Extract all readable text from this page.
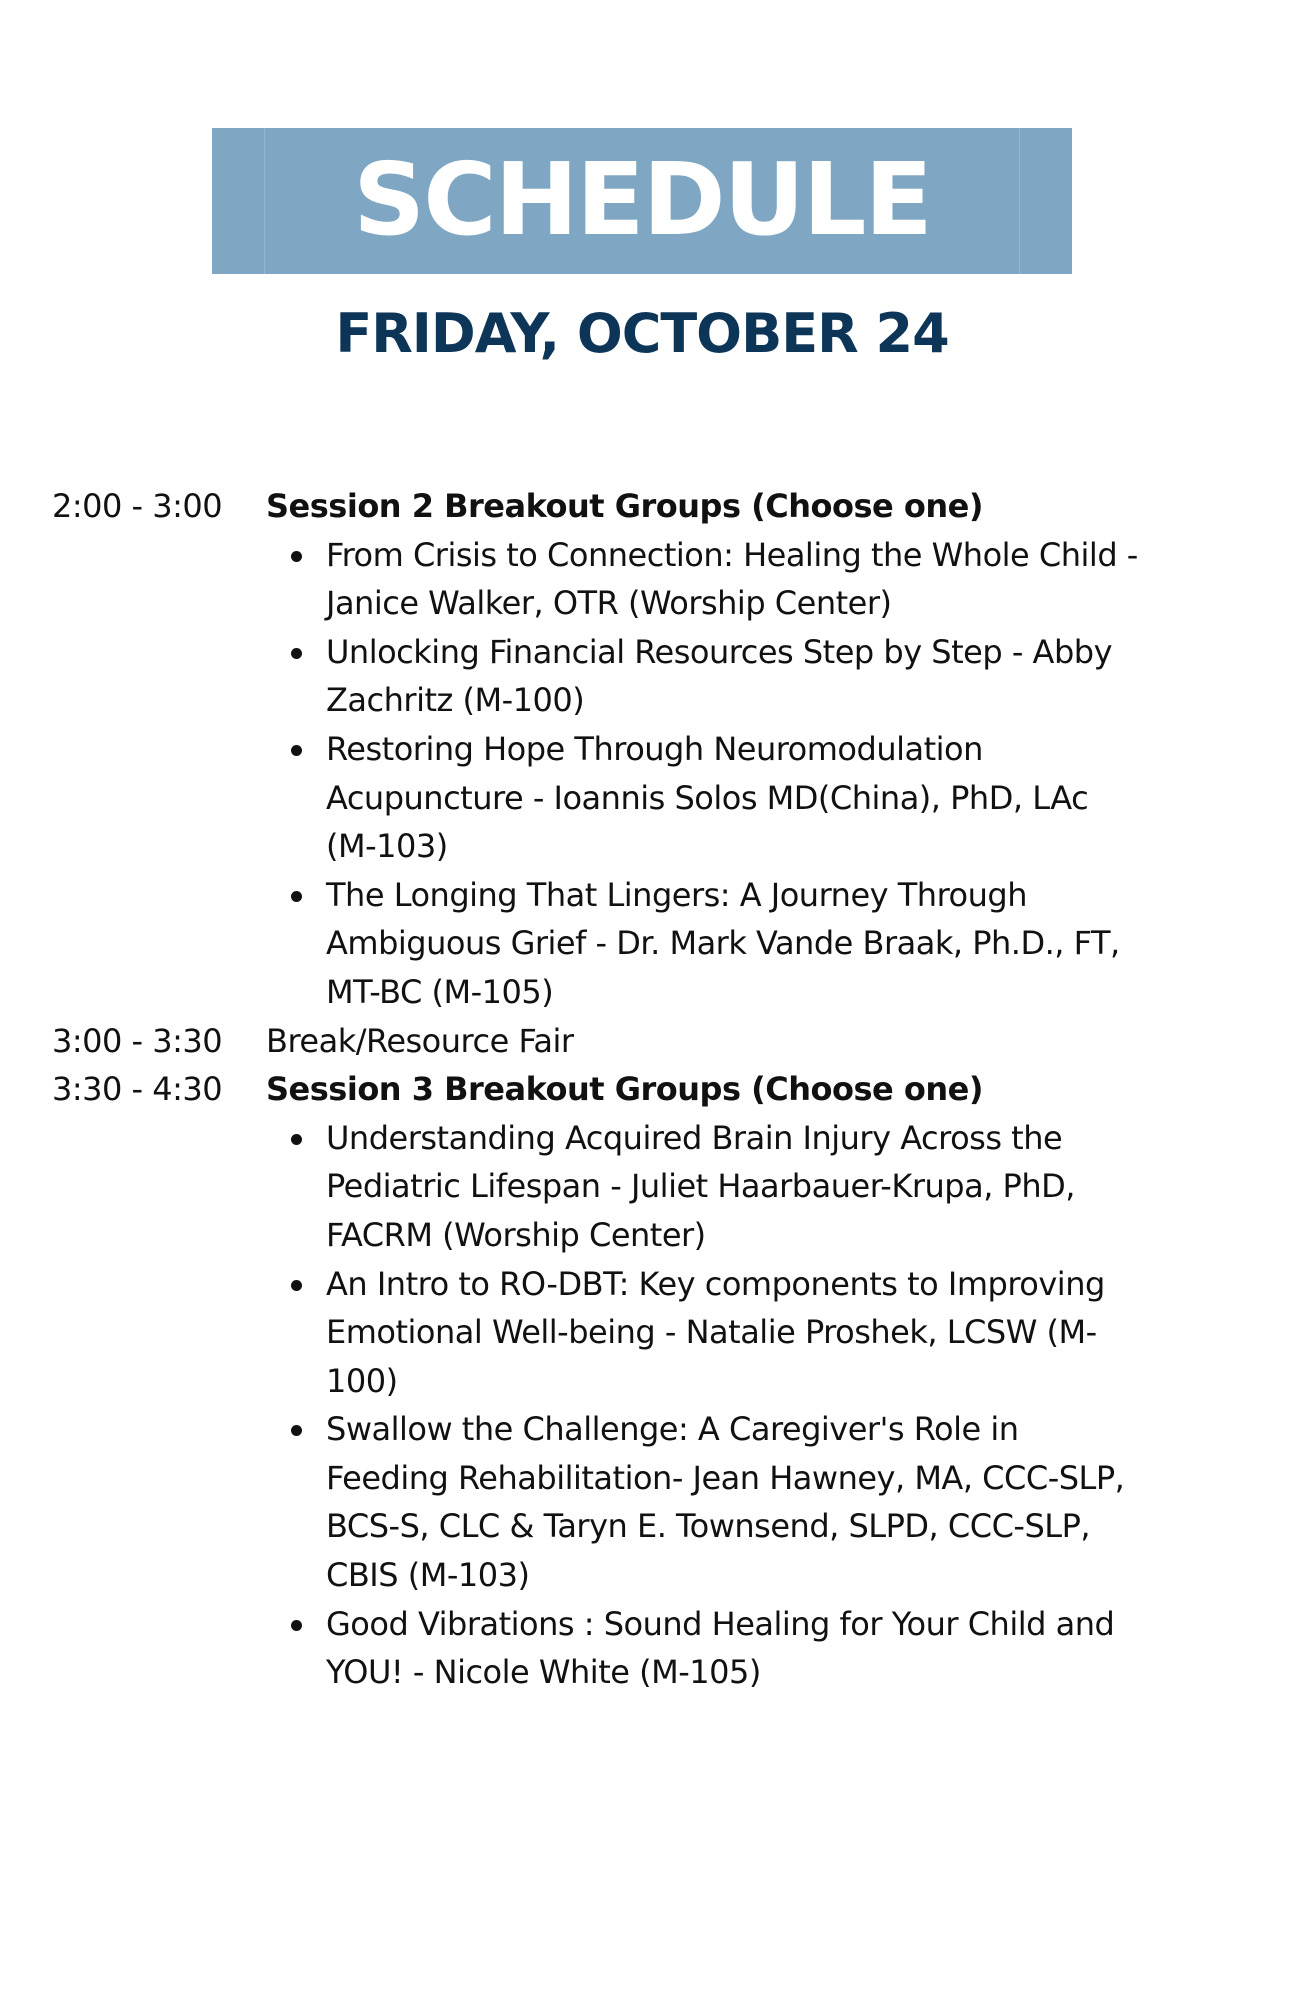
SCHEDULE
FRIDAY, OCTOBER 24
2:00 - 3:00 Session 2 Breakout Groups (Choose one)
From Crisis to Connection: Healing the Whole Child -
Janice Walker, OTR (Worship Center)
Unlocking Financial Resources Step by Step - Abby
Zachritz (M-100)
Restoring Hope Through Neuromodulation
Acupuncture - Ioannis Solos MD(China), PhD, LAc
(M-103)
The Longing That Lingers: A Journey Through
Ambiguous Grief - Dr. Mark Vande Braak, Ph.D., FT,
MT-BC (M-105)
3:00 - 3:30 Break/Resource Fair
3:30 - 4:30 Session 3 Breakout Groups (Choose one)
Understanding Acquired Brain Injury Across the
Pediatric Lifespan - Juliet Haarbauer-Krupa, PhD,
FACRM (Worship Center)
An Intro to RO-DBT: Key components to Improving
Emotional Well-being - Natalie Proshek, LCSW (M-
100)
Swallow the Challenge: A Caregiver's Role in
Feeding Rehabilitation- Jean Hawney, MA, CCC-SLP,
BCS-S, CLC & Taryn E. Townsend, SLPD, CCC-SLP,
CBIS (M-103)
Good Vibrations : Sound Healing for Your Child and
YOU! - Nicole White (M-105)
